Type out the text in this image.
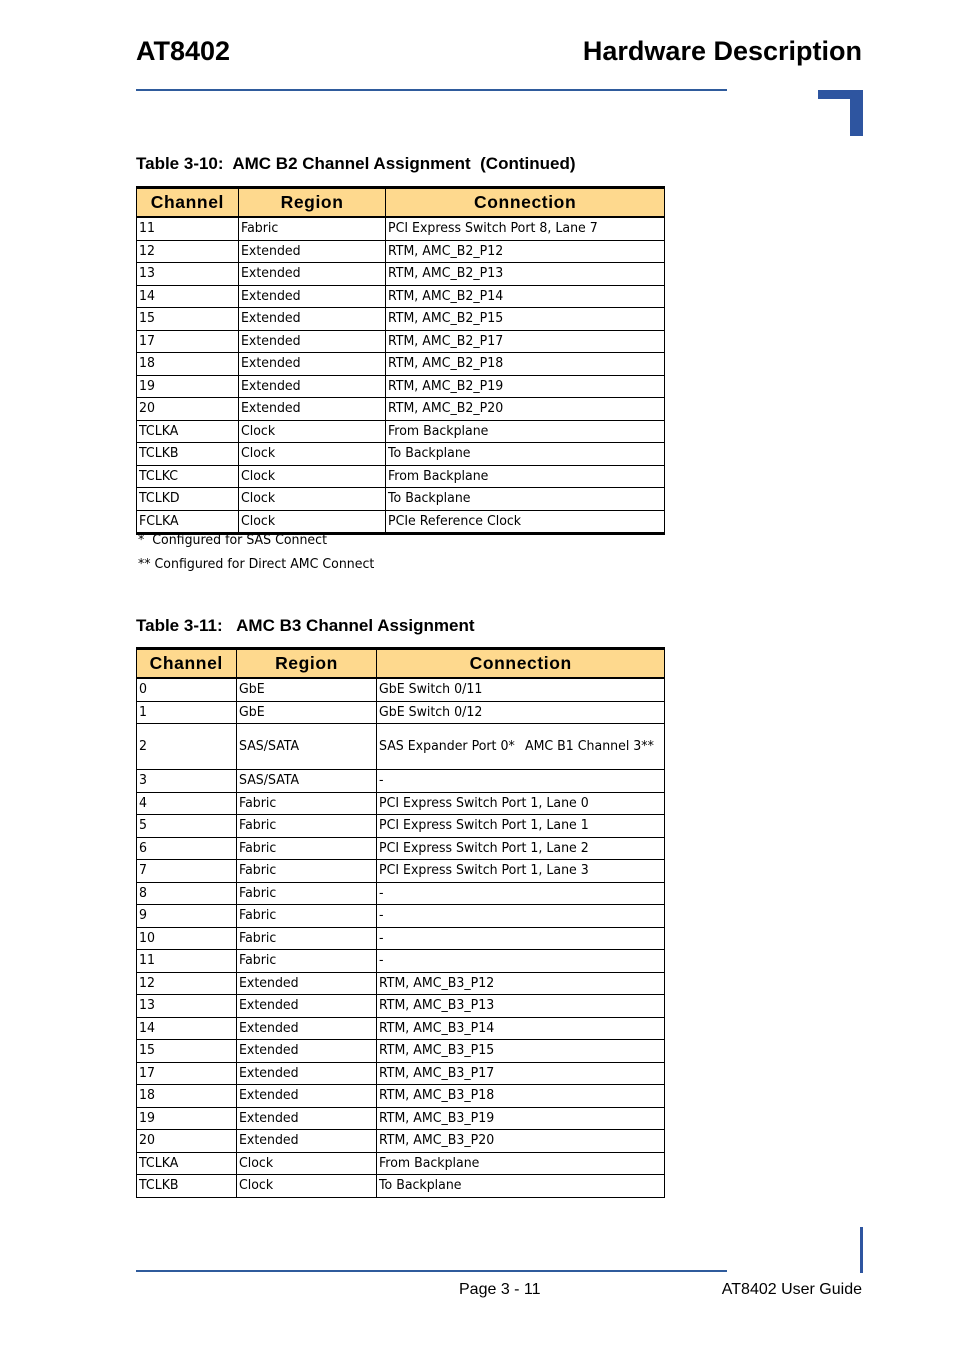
AT8402	Hardware Description
Table 3-10:  AMC B2 Channel Assignment  (Continued)
Channel	Region	Connection
11	Fabric	PCI Express Switch Port 8, Lane 7
12	Extended	RTM, AMC_B2_P12
13	Extended	RTM, AMC_B2_P13
14	Extended	RTM, AMC_B2_P14
15	Extended	RTM, AMC_B2_P15
17	Extended	RTM, AMC_B2_P17
18	Extended	RTM, AMC_B2_P18
19	Extended	RTM, AMC_B2_P19
20	Extended	RTM, AMC_B2_P20
TCLKA	Clock	From Backplane
TCLKB	Clock	To Backplane
TCLKC	Clock	From Backplane
TCLKD	Clock	To Backplane
FCLKA	Clock	PCIe Reference Clock
*  Configured for SAS Connect
** Configured for Direct AMC Connect
Table 3-11:   AMC B3 Channel Assignment
Channel	Region	Connection
0	GbE	GbE Switch 0/11
1	GbE	GbE Switch 0/12
2	SAS/SATA	SAS Expander Port 0* AMC B1 Channel 3**
3	SAS/SATA	-
4	Fabric	PCI Express Switch Port 1, Lane 0
5	Fabric	PCI Express Switch Port 1, Lane 1
6	Fabric	PCI Express Switch Port 1, Lane 2
7	Fabric	PCI Express Switch Port 1, Lane 3
8	Fabric	-
9	Fabric	-
10	Fabric	-
11	Fabric	-
12	Extended	RTM, AMC_B3_P12
13	Extended	RTM, AMC_B3_P13
14	Extended	RTM, AMC_B3_P14
15	Extended	RTM, AMC_B3_P15
17	Extended	RTM, AMC_B3_P17
18	Extended	RTM, AMC_B3_P18
19	Extended	RTM, AMC_B3_P19
20	Extended	RTM, AMC_B3_P20
TCLKA	Clock	From Backplane
TCLKB	Clock	To Backplane
Page 3 - 11	AT8402 User Guide
